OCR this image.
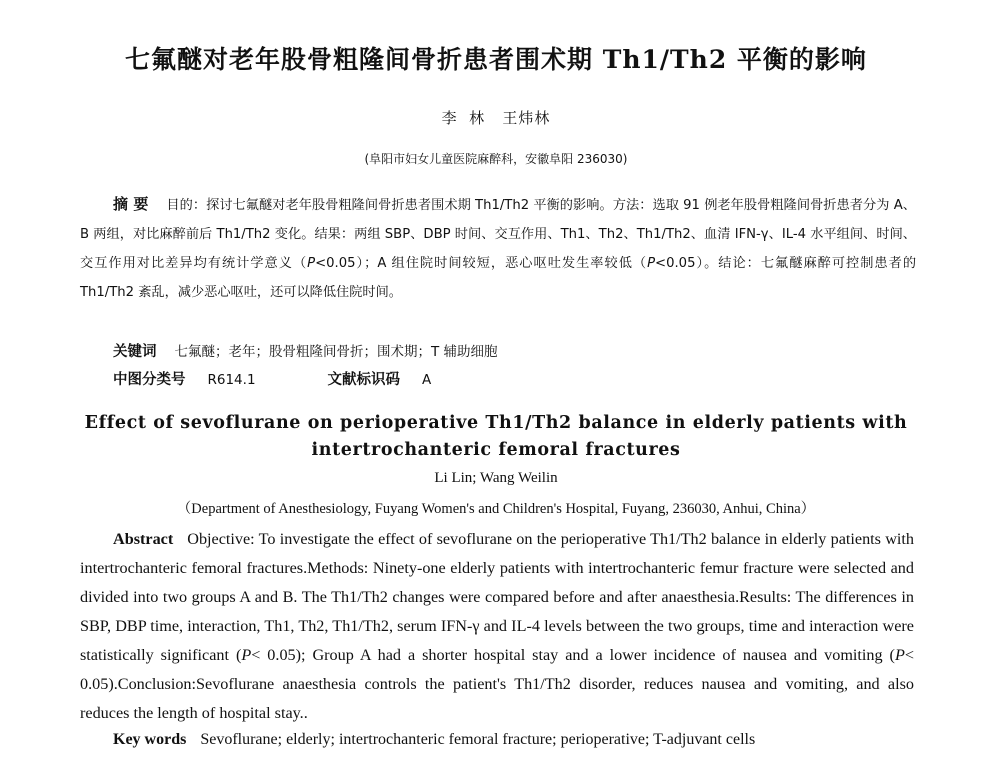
七氟醚对老年股骨粗隆间骨折患者围术期 Th1/Th2 平衡的影响
李  林   王炜林
(阜阳市妇女儿童医院麻醉科，安徽阜阳 236030)
摘 要 目的：探讨七氟醚对老年股骨粗隆间骨折患者围术期 Th1/Th2 平衡的影响。方法：选取 91 例老年股骨粗隆间骨折患者分为 A、B 两组，对比麻醉前后 Th1/Th2 变化。结果：两组 SBP、DBP 时间、交互作用、Th1、Th2、Th1/Th2、血清 IFN-γ、IL-4 水平组间、时间、交互作用对比差异均有统计学意义（P<0.05）；A 组住院时间较短，恶心呕吐发生率较低（P<0.05）。结论：七氟醚麻醉可控制患者的 Th1/Th2 紊乱，减少恶心呕吐，还可以降低住院时间。
关键词 七氟醚；老年；股骨粗隆间骨折；围术期；T 辅助细胞
中图分类号 R614.1	文献标识码 A
Effect of sevoflurane on perioperative Th1/Th2 balance in elderly patients with intertrochanteric femoral fractures
Li Lin; Wang Weilin
（Department of Anesthesiology, Fuyang Women's and Children's Hospital, Fuyang, 236030, Anhui, China）
Abstract Objective: To investigate the effect of sevoflurane on the perioperative Th1/Th2 balance in elderly patients with intertrochanteric femoral fractures.Methods: Ninety-one elderly patients with intertrochanteric femur fracture were selected and divided into two groups A and B. The Th1/Th2 changes were compared before and after anaesthesia.Results: The differences in SBP, DBP time, interaction, Th1, Th2, Th1/Th2, serum IFN-γ and IL-4 levels between the two groups, time and interaction were statistically significant (P< 0.05); Group A had a shorter hospital stay and a lower incidence of nausea and vomiting (P< 0.05).Conclusion:Sevoflurane anaesthesia controls the patient's Th1/Th2 disorder, reduces nausea and vomiting, and also reduces the length of hospital stay..
Key words Sevoflurane; elderly; intertrochanteric femoral fracture; perioperative; T-adjuvant cells
